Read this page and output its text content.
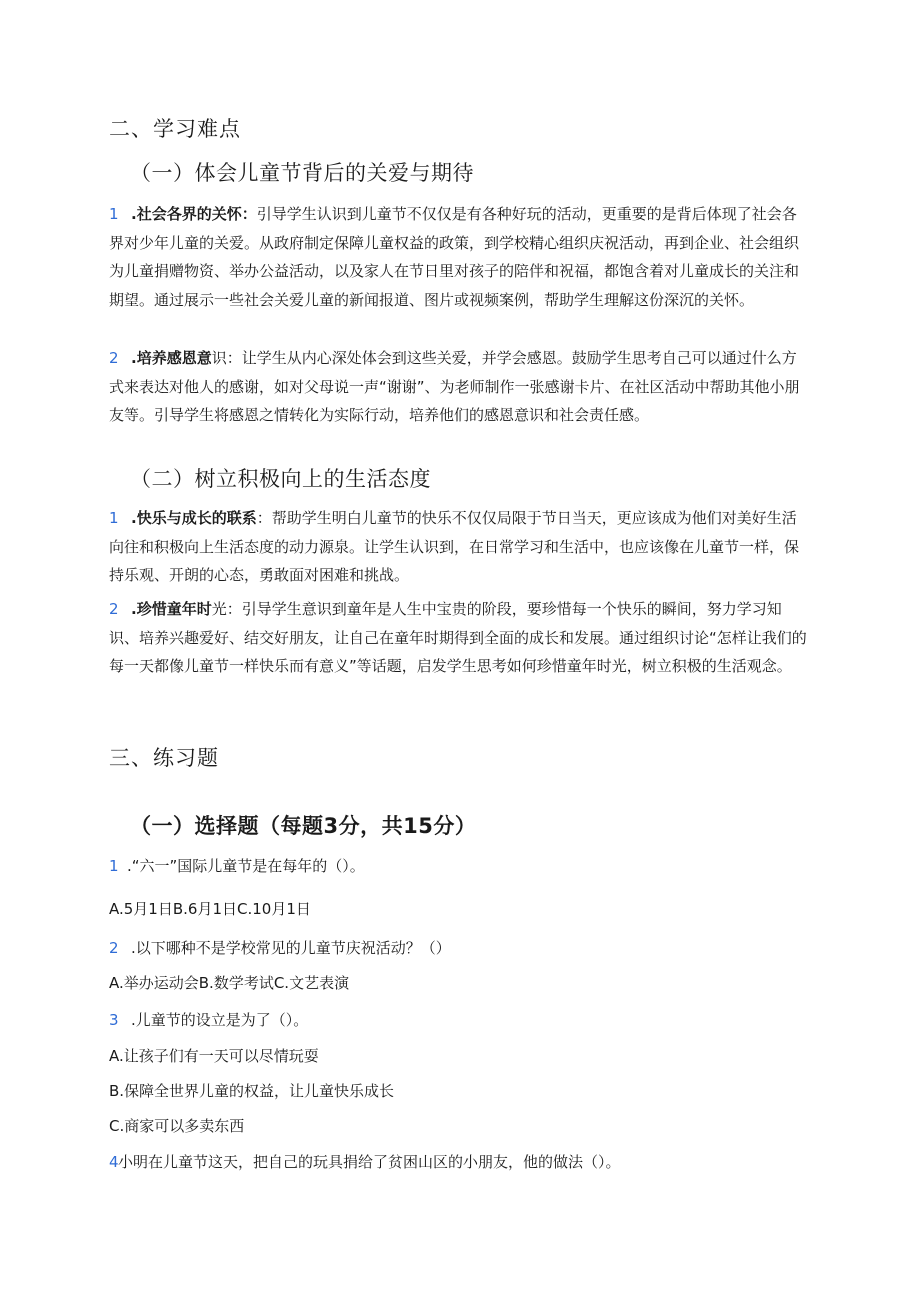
二、学习难点
（一）体会儿童节背后的关爱与期待
1 .社会各界的关怀：引导学生认识到儿童节不仅仅是有各种好玩的活动，更重要的是背后体现了社会各界对少年儿童的关爱。从政府制定保障儿童权益的政策，到学校精心组织庆祝活动，再到企业、社会组织为儿童捐赠物资、举办公益活动，以及家人在节日里对孩子的陪伴和祝福，都饱含着对儿童成长的关注和期望。通过展示一些社会关爱儿童的新闻报道、图片或视频案例，帮助学生理解这份深沉的关怀。
2 .培养感恩意识：让学生从内心深处体会到这些关爱，并学会感恩。鼓励学生思考自己可以通过什么方式来表达对他人的感谢，如对父母说一声“谢谢”、为老师制作一张感谢卡片、在社区活动中帮助其他小朋友等。引导学生将感恩之情转化为实际行动，培养他们的感恩意识和社会责任感。
（二）树立积极向上的生活态度
1 .快乐与成长的联系：帮助学生明白儿童节的快乐不仅仅局限于节日当天，更应该成为他们对美好生活向往和积极向上生活态度的动力源泉。让学生认识到，在日常学习和生活中，也应该像在儿童节一样，保持乐观、开朗的心态，勇敢面对困难和挑战。
2 .珍惜童年时光：引导学生意识到童年是人生中宝贵的阶段，要珍惜每一个快乐的瞬间，努力学习知识、培养兴趣爱好、结交好朋友，让自己在童年时期得到全面的成长和发展。通过组织讨论“怎样让我们的每一天都像儿童节一样快乐而有意义”等话题，启发学生思考如何珍惜童年时光，树立积极的生活观念。
三、练习题
（一）选择题（每题3分，共15分）
1 .“六一”国际儿童节是在每年的（）。
A.5月1日B.6月1日C.10月1日
2 .以下哪种不是学校常见的儿童节庆祝活动？（）
A.举办运动会B.数学考试C.文艺表演
3 .儿童节的设立是为了（）。
A.让孩子们有一天可以尽情玩耍
B.保障全世界儿童的权益，让儿童快乐成长
C.商家可以多卖东西
4小明在儿童节这天，把自己的玩具捐给了贫困山区的小朋友，他的做法（）。
